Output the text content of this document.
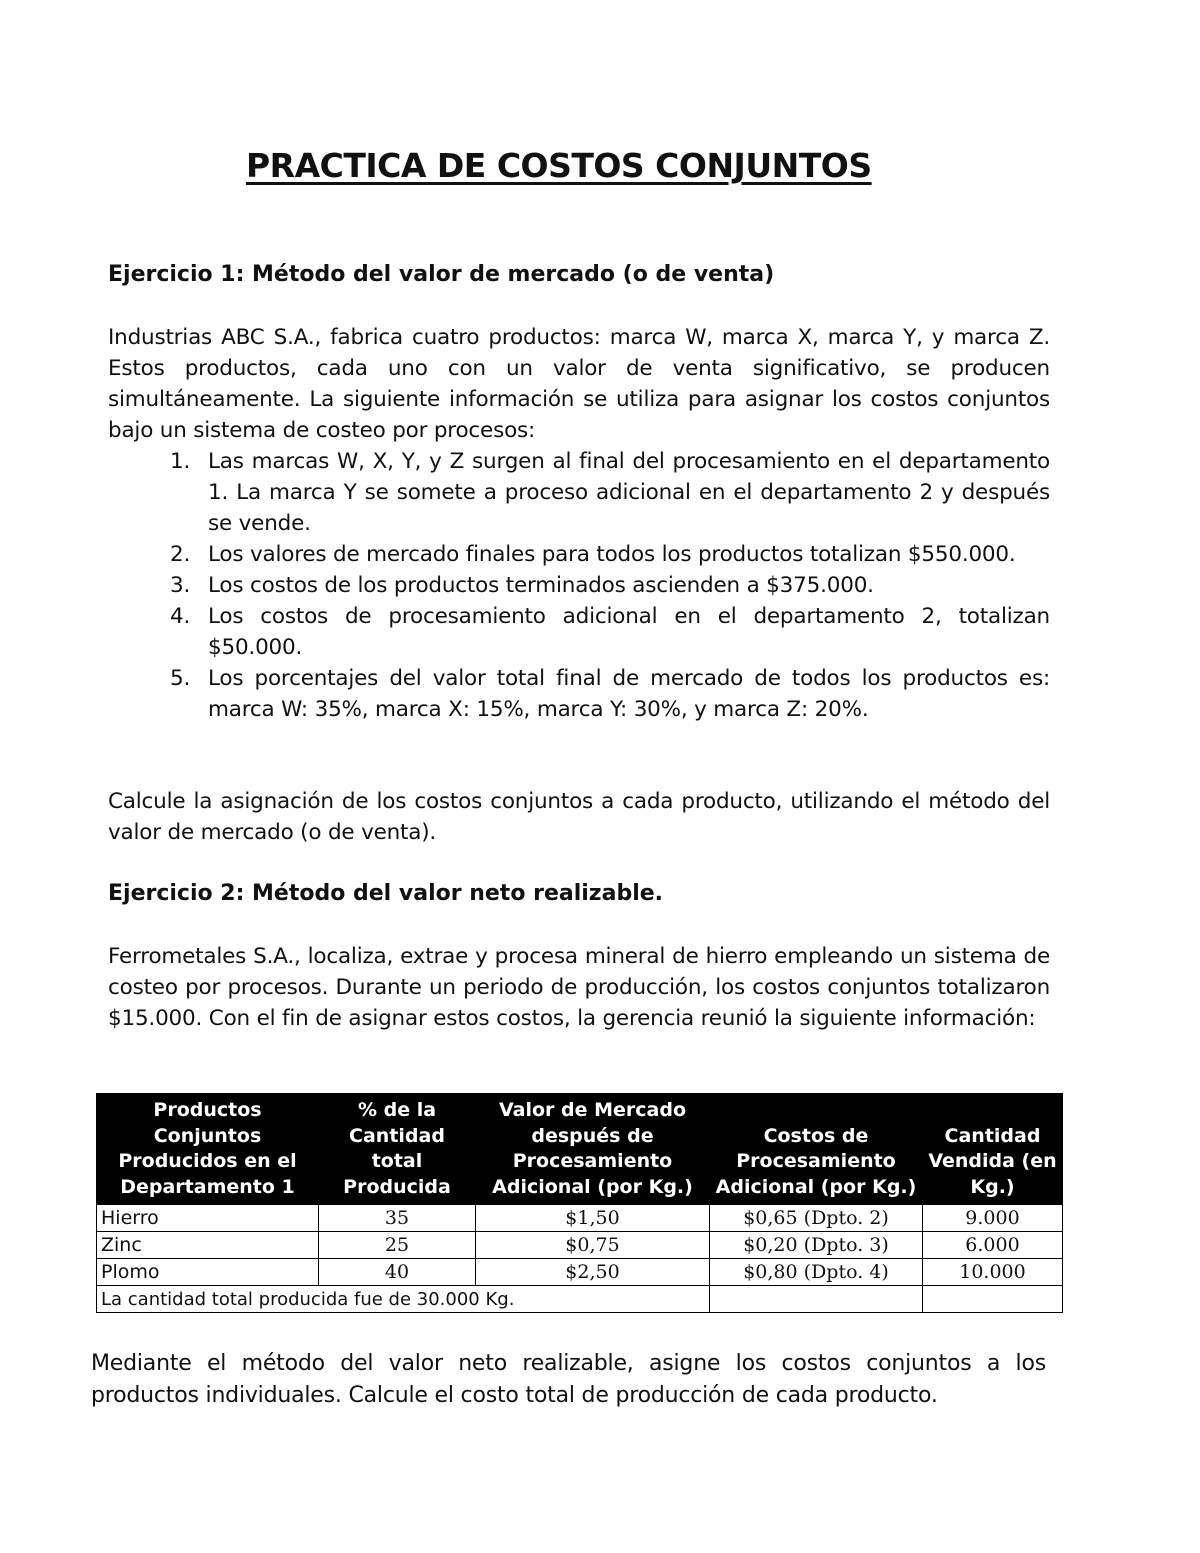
PRACTICA DE COSTOS CONJUNTOS
Ejercicio 1: Método del valor de mercado (o de venta)
Industrias ABC S.A., fabrica cuatro productos: marca W, marca X, marca Y, y marca Z. Estos productos, cada uno con un valor de venta significativo, se producen simultáneamente. La siguiente información se utiliza para asignar los costos conjuntos bajo un sistema de costeo por procesos:
1. Las marcas W, X, Y, y Z surgen al final del procesamiento en el departamento 1. La marca Y se somete a proceso adicional en el departamento 2 y después se vende.
2. Los valores de mercado finales para todos los productos totalizan $550.000.
3. Los costos de los productos terminados ascienden a $375.000.
4. Los costos de procesamiento adicional en el departamento 2, totalizan $50.000.
5. Los porcentajes del valor total final de mercado de todos los productos es: marca W: 35%, marca X: 15%, marca Y: 30%, y marca Z: 20%.
Calcule la asignación de los costos conjuntos a cada producto, utilizando el método del valor de mercado (o de venta).
Ejercicio 2: Método del valor neto realizable.
Ferrometales S.A., localiza, extrae y procesa mineral de hierro empleando un sistema de costeo por procesos. Durante un periodo de producción, los costos conjuntos totalizaron $15.000. Con el fin de asignar estos costos, la gerencia reunió la siguiente información:
Productos Conjuntos Producidos en el Departamento 1	% de la Cantidad total Producida	Valor de Mercado después de Procesamiento Adicional (por Kg.)	Costos de Procesamiento Adicional (por Kg.)	Cantidad Vendida (en Kg.)
Hierro	35	$1,50	$0,65 (Dpto. 2)	9.000
Zinc	25	$0,75	$0,20 (Dpto. 3)	6.000
Plomo	40	$2,50	$0,80 (Dpto. 4)	10.000
La cantidad total producida fue de 30.000 Kg.				
Mediante el método del valor neto realizable, asigne los costos conjuntos a los productos individuales. Calcule el costo total de producción de cada producto.
